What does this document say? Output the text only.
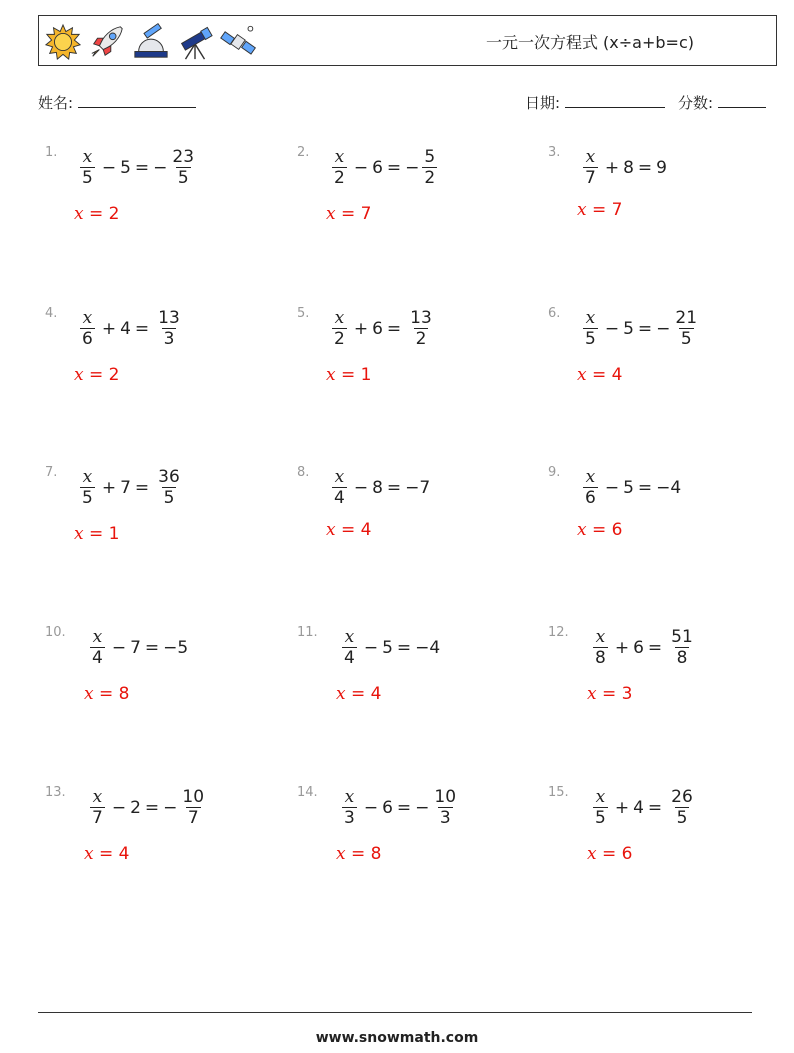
一元一次方程式 (x÷a+b=c)
姓名:	日期:	分数:
1. $\frac{x}{5} - 5$ = − $\frac{23}{5}$
x = 2
2. $\frac{x}{2} - 6$ = − $\frac{5}{2}$
x = 7
3. $\frac{x}{7} + 8 = 9$
x = 7
4. $\frac{x}{6} + 4 = \frac{13}{3}$
x = 2
5. $\frac{x}{2} + 6 = \frac{13}{2}$
x = 1
6. $\frac{x}{5} - 5$ = − $\frac{21}{5}$
x = 4
7. $\frac{x}{5} + 7 = \frac{36}{5}$
x = 1
8. $\frac{x}{4} - 8 = -7$
x = 4
9. $\frac{x}{6} - 5 = -4$
x = 6
10. $\frac{x}{4} - 7 = -5$
x = 8
11. $\frac{x}{4} - 5 = -4$
x = 4
12. $\frac{x}{8} + 6 = \frac{51}{8}$
x = 3
13. $\frac{x}{7} - 2$ = − $\frac{10}{7}$
x = 4
14. $\frac{x}{3} - 6$ = − $\frac{10}{3}$
x = 8
15. $\frac{x}{5} + 4 = \frac{26}{5}$
x = 6
www.snowmath.com
